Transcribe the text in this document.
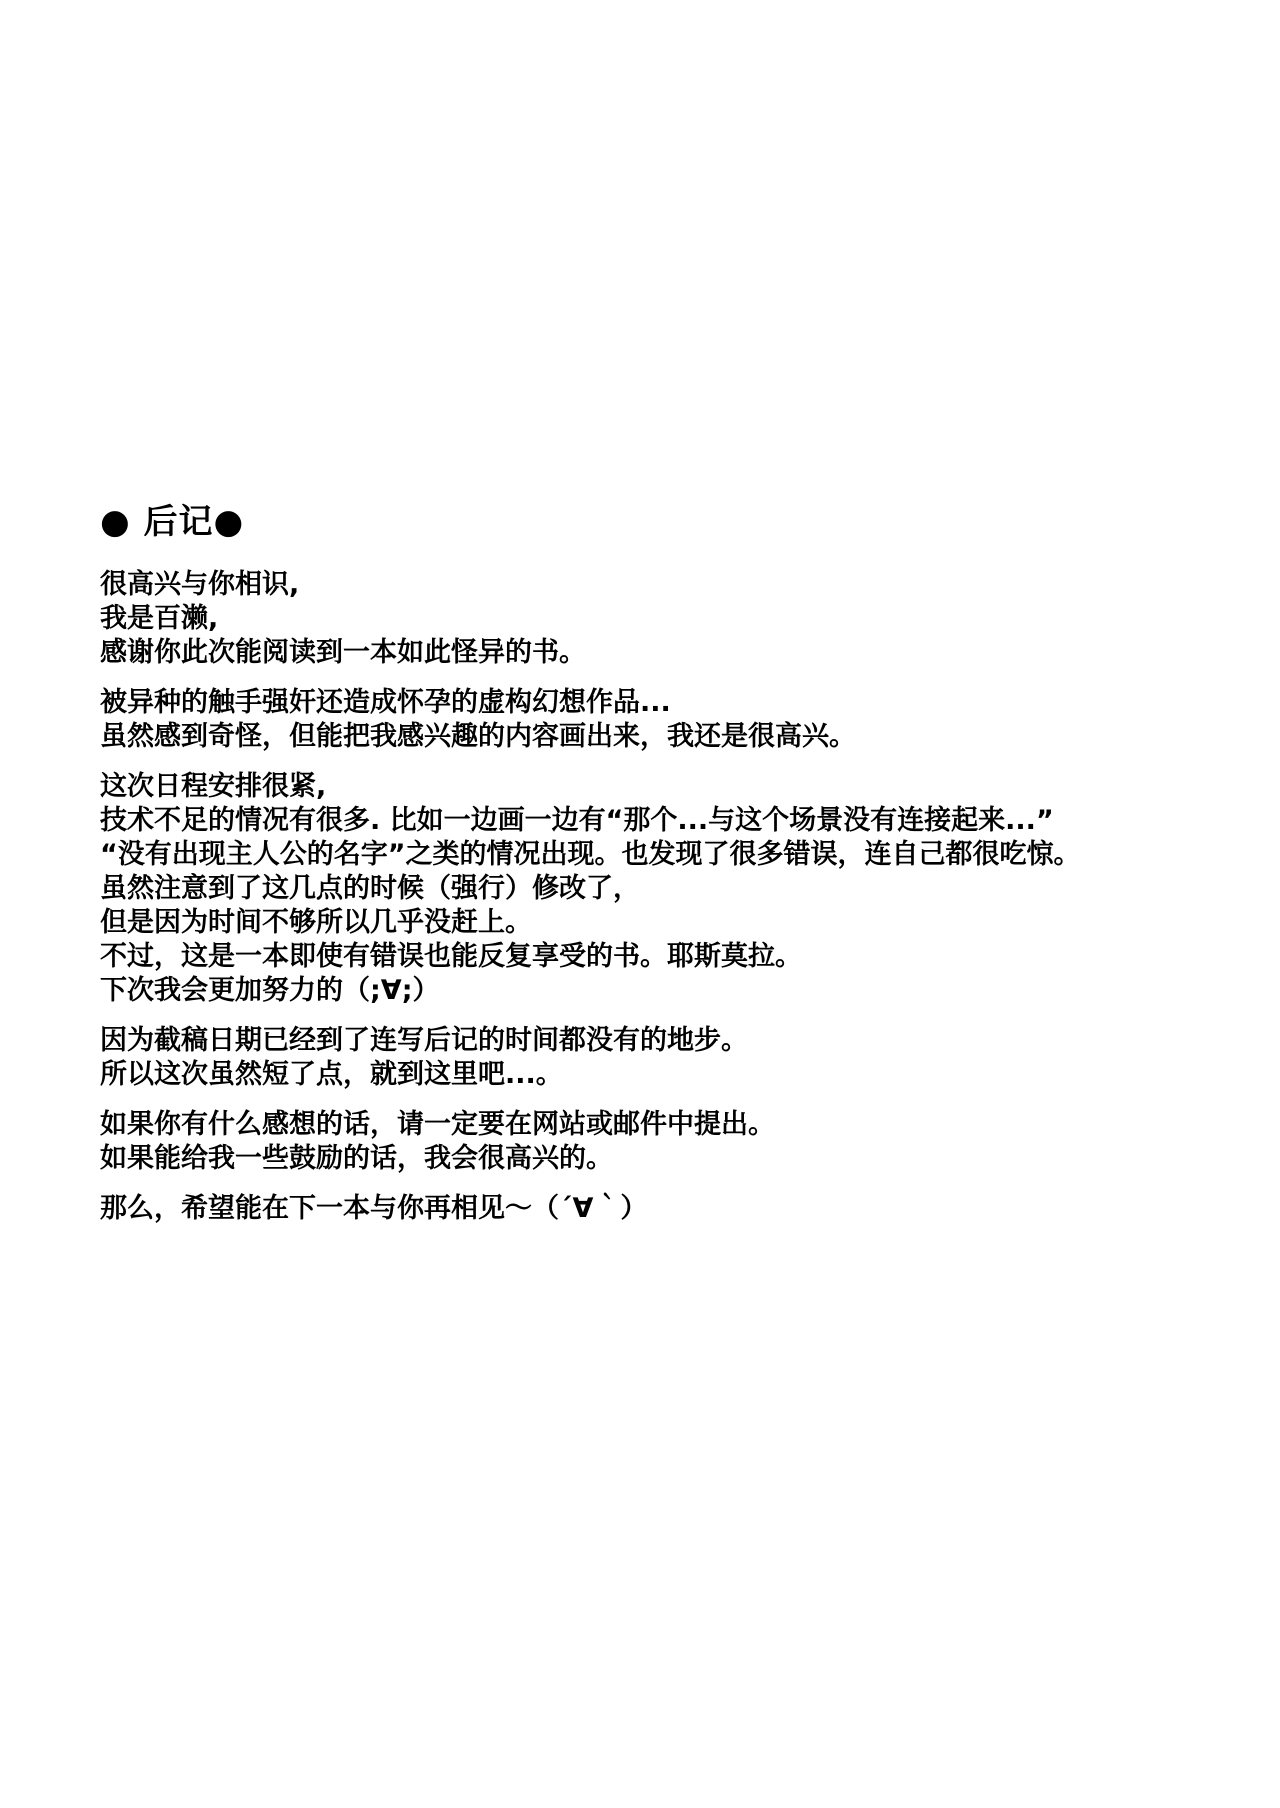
● 后记●

很高兴与你相识,
我是百濑,
感谢你此次能阅读到一本如此怪异的书。

被异种的触手强奸还造成怀孕的虚构幻想作品...
虽然感到奇怪，但能把我感兴趣的内容画出来，我还是很高兴。

这次日程安排很紧,
技术不足的情况有很多. 比如一边画一边有“那个...与这个场景没有连接起来...”
“没有出现主人公的名字”之类的情况出现。也发现了很多错误，连自己都很吃惊。
虽然注意到了这几点的时候（强行）修改了，
但是因为时间不够所以几乎没赶上。
不过，这是一本即使有错误也能反复享受的书。耶斯莫拉。
下次我会更加努力的（;∀;）

因为截稿日期已经到了连写后记的时间都没有的地步。
所以这次虽然短了点，就到这里吧...。

如果你有什么感想的话，请一定要在网站或邮件中提出。
如果能给我一些鼓励的话，我会很高兴的。

那么，希望能在下一本与你再相见～（´∀｀）
